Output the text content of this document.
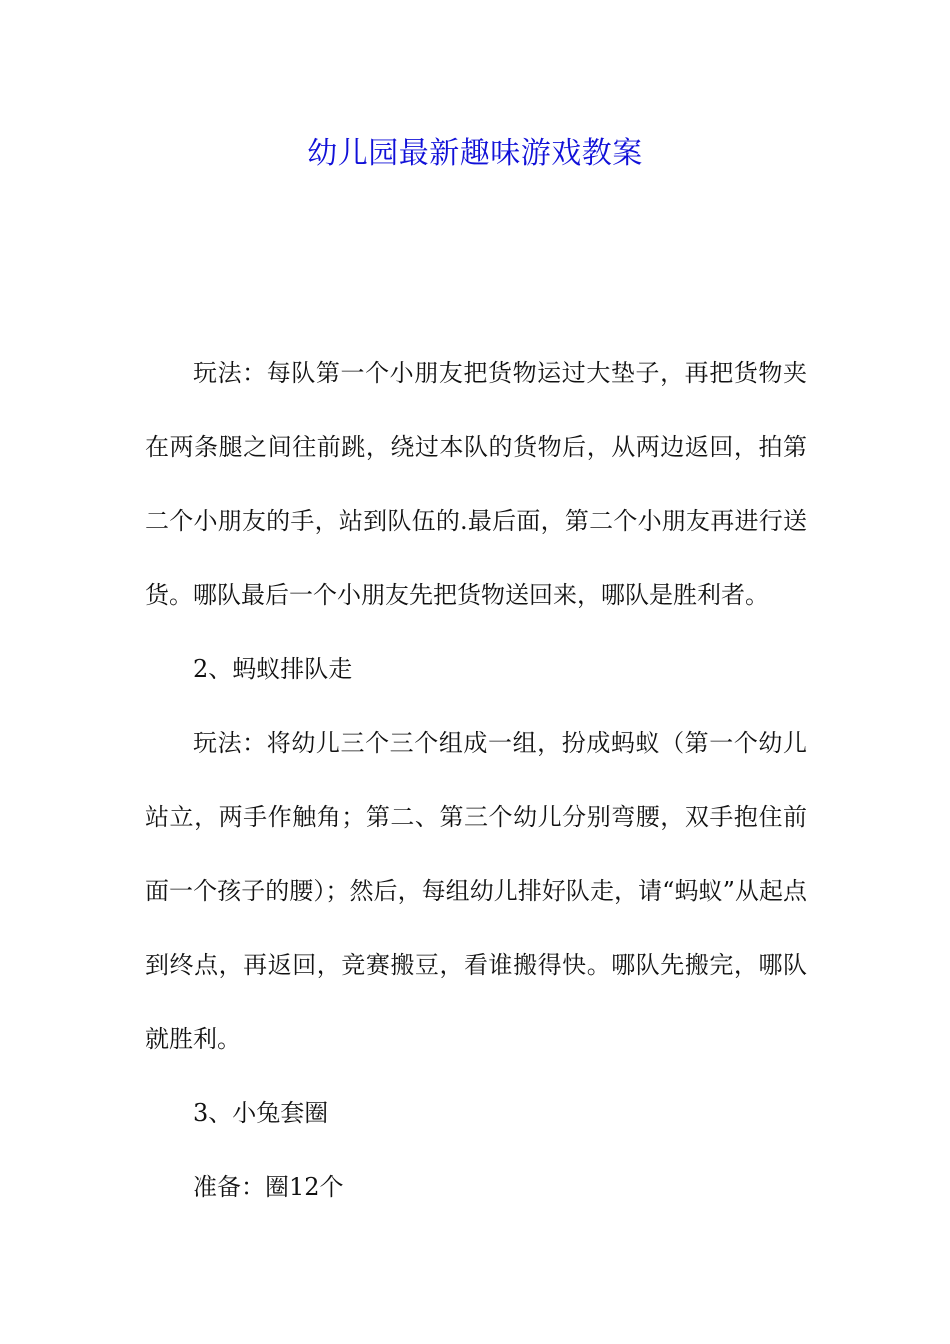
幼儿园最新趣味游戏教案

玩法：每队第一个小朋友把货物运过大垫子，再把货物夹在两条腿之间往前跳，绕过本队的货物后，从两边返回，拍第二个小朋友的手，站到队伍的.最后面，第二个小朋友再进行送货。哪队最后一个小朋友先把货物送回来，哪队是胜利者。

2、蚂蚁排队走

玩法：将幼儿三个三个组成一组，扮成蚂蚁（第一个幼儿站立，两手作触角；第二、第三个幼儿分别弯腰，双手抱住前面一个孩子的腰）；然后，每组幼儿排好队走，请“蚂蚁”从起点到终点，再返回，竞赛搬豆，看谁搬得快。哪队先搬完，哪队就胜利。

3、小兔套圈

准备：圈12个
